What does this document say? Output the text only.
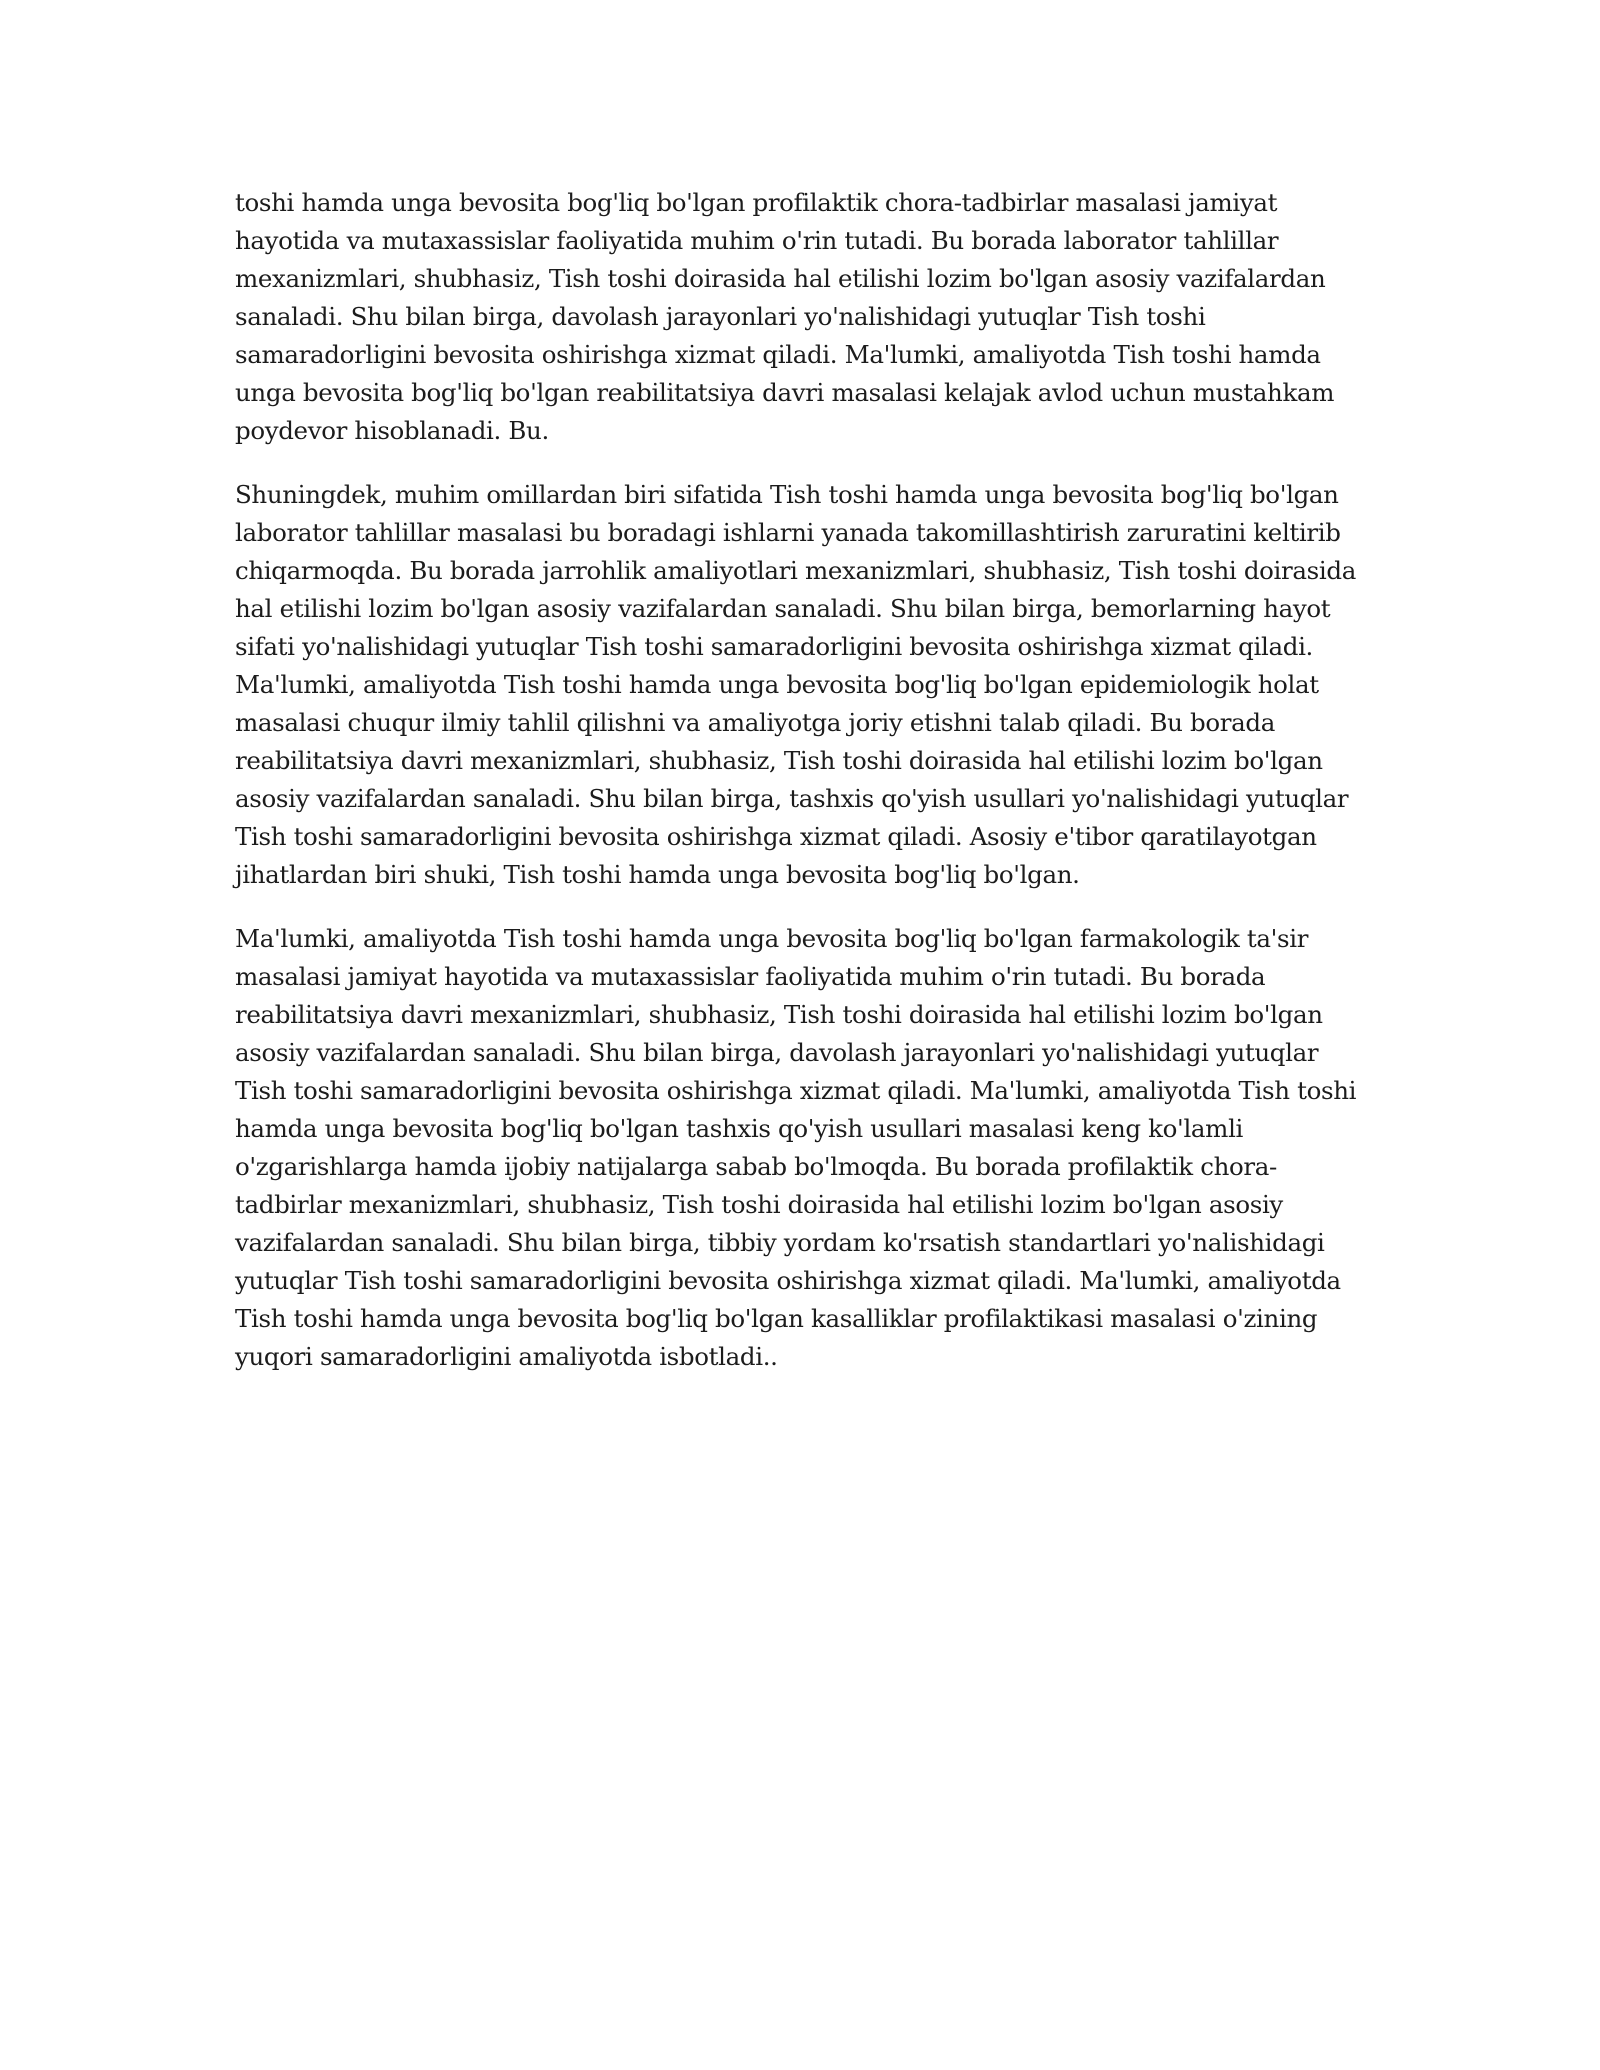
toshi hamda unga bevosita bog'liq bo'lgan profilaktik chora-tadbirlar masalasi jamiyat hayotida va mutaxassislar faoliyatida muhim o'rin tutadi. Bu borada laborator tahlillar mexanizmlari, shubhasiz, Tish toshi doirasida hal etilishi lozim bo'lgan asosiy vazifalardan sanaladi. Shu bilan birga, davolash jarayonlari yo'nalishidagi yutuqlar Tish toshi samaradorligini bevosita oshirishga xizmat qiladi. Ma'lumki, amaliyotda Tish toshi hamda unga bevosita bog'liq bo'lgan reabilitatsiya davri masalasi kelajak avlod uchun mustahkam poydevor hisoblanadi. Bu.

Shuningdek, muhim omillardan biri sifatida Tish toshi hamda unga bevosita bog'liq bo'lgan laborator tahlillar masalasi bu boradagi ishlarni yanada takomillashtirish zaruratini keltirib chiqarmoqda. Bu borada jarrohlik amaliyotlari mexanizmlari, shubhasiz, Tish toshi doirasida hal etilishi lozim bo'lgan asosiy vazifalardan sanaladi. Shu bilan birga, bemorlarning hayot sifati yo'nalishidagi yutuqlar Tish toshi samaradorligini bevosita oshirishga xizmat qiladi. Ma'lumki, amaliyotda Tish toshi hamda unga bevosita bog'liq bo'lgan epidemiologik holat masalasi chuqur ilmiy tahlil qilishni va amaliyotga joriy etishni talab qiladi. Bu borada reabilitatsiya davri mexanizmlari, shubhasiz, Tish toshi doirasida hal etilishi lozim bo'lgan asosiy vazifalardan sanaladi. Shu bilan birga, tashxis qo'yish usullari yo'nalishidagi yutuqlar Tish toshi samaradorligini bevosita oshirishga xizmat qiladi. Asosiy e'tibor qaratilayotgan jihatlardan biri shuki, Tish toshi hamda unga bevosita bog'liq bo'lgan.

Ma'lumki, amaliyotda Tish toshi hamda unga bevosita bog'liq bo'lgan farmakologik ta'sir masalasi jamiyat hayotida va mutaxassislar faoliyatida muhim o'rin tutadi. Bu borada reabilitatsiya davri mexanizmlari, shubhasiz, Tish toshi doirasida hal etilishi lozim bo'lgan asosiy vazifalardan sanaladi. Shu bilan birga, davolash jarayonlari yo'nalishidagi yutuqlar Tish toshi samaradorligini bevosita oshirishga xizmat qiladi. Ma'lumki, amaliyotda Tish toshi hamda unga bevosita bog'liq bo'lgan tashxis qo'yish usullari masalasi keng ko'lamli o'zgarishlarga hamda ijobiy natijalarga sabab bo'lmoqda. Bu borada profilaktik chora-tadbirlar mexanizmlari, shubhasiz, Tish toshi doirasida hal etilishi lozim bo'lgan asosiy vazifalardan sanaladi. Shu bilan birga, tibbiy yordam ko'rsatish standartlari yo'nalishidagi yutuqlar Tish toshi samaradorligini bevosita oshirishga xizmat qiladi. Ma'lumki, amaliyotda Tish toshi hamda unga bevosita bog'liq bo'lgan kasalliklar profilaktikasi masalasi o'zining yuqori samaradorligini amaliyotda isbotladi..
